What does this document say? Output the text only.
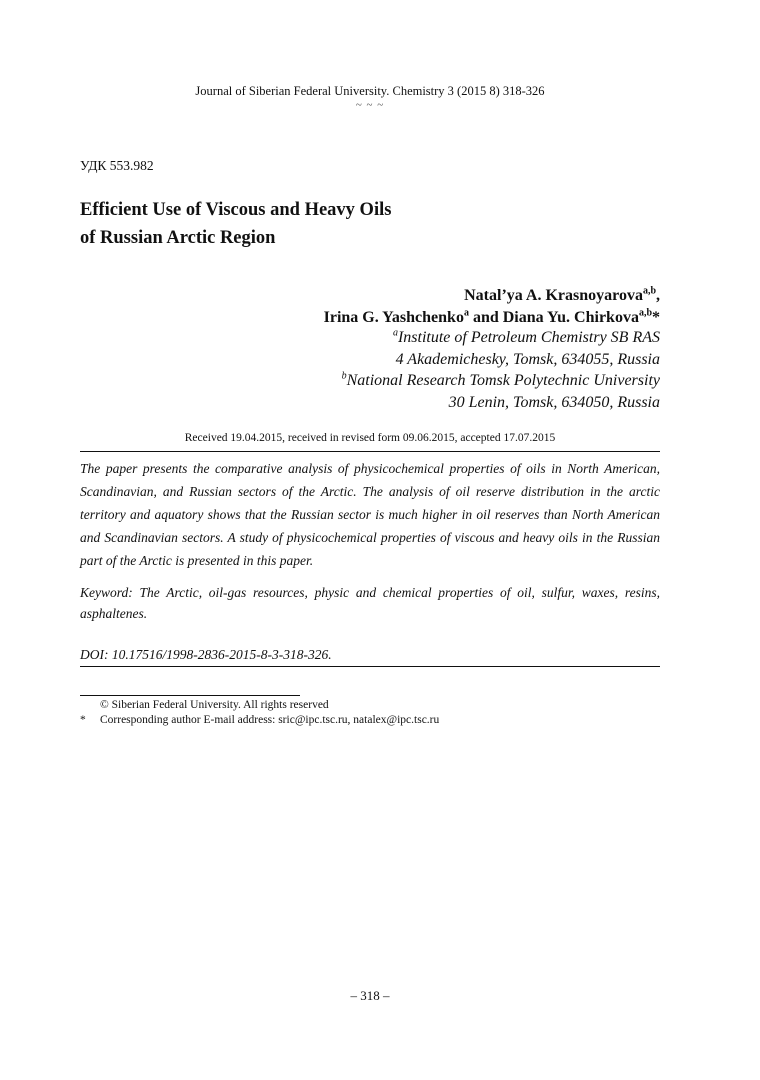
Journal of Siberian Federal University. Chemistry 3 (2015 8) 318-326
~ ~ ~
УДК 553.982
Efficient Use of Viscous and Heavy Oils
of Russian Arctic Region
Natal’ya A. Krasnoyarova$^{a,b}$,
Irina G. Yashchenko$^a$ and Diana Yu. Chirkova$^{a,b}$*
$^a$Institute of Petroleum Chemistry SB RAS
4 Akademichesky, Tomsk, 634055, Russia
$^b$National Research Tomsk Polytechnic University
30 Lenin, Tomsk, 634050, Russia
Received 19.04.2015, received in revised form 09.06.2015, accepted 17.07.2015
The paper presents the comparative analysis of physicochemical properties of oils in North American, Scandinavian, and Russian sectors of the Arctic. The analysis of oil reserve distribution in the arctic territory and aquatory shows that the Russian sector is much higher in oil reserves than North American and Scandinavian sectors. A study of physicochemical properties of viscous and heavy oils in the Russian part of the Arctic is presented in this paper.
Keyword: The Arctic, oil-gas resources, physic and chemical properties of oil, sulfur, waxes, resins, asphaltenes.
DOI: 10.17516/1998-2836-2015-8-3-318-326.
© Siberian Federal University. All rights reserved
* Corresponding author E-mail address: sric@ipc.tsc.ru, natalex@ipc.tsc.ru
– 318 –
